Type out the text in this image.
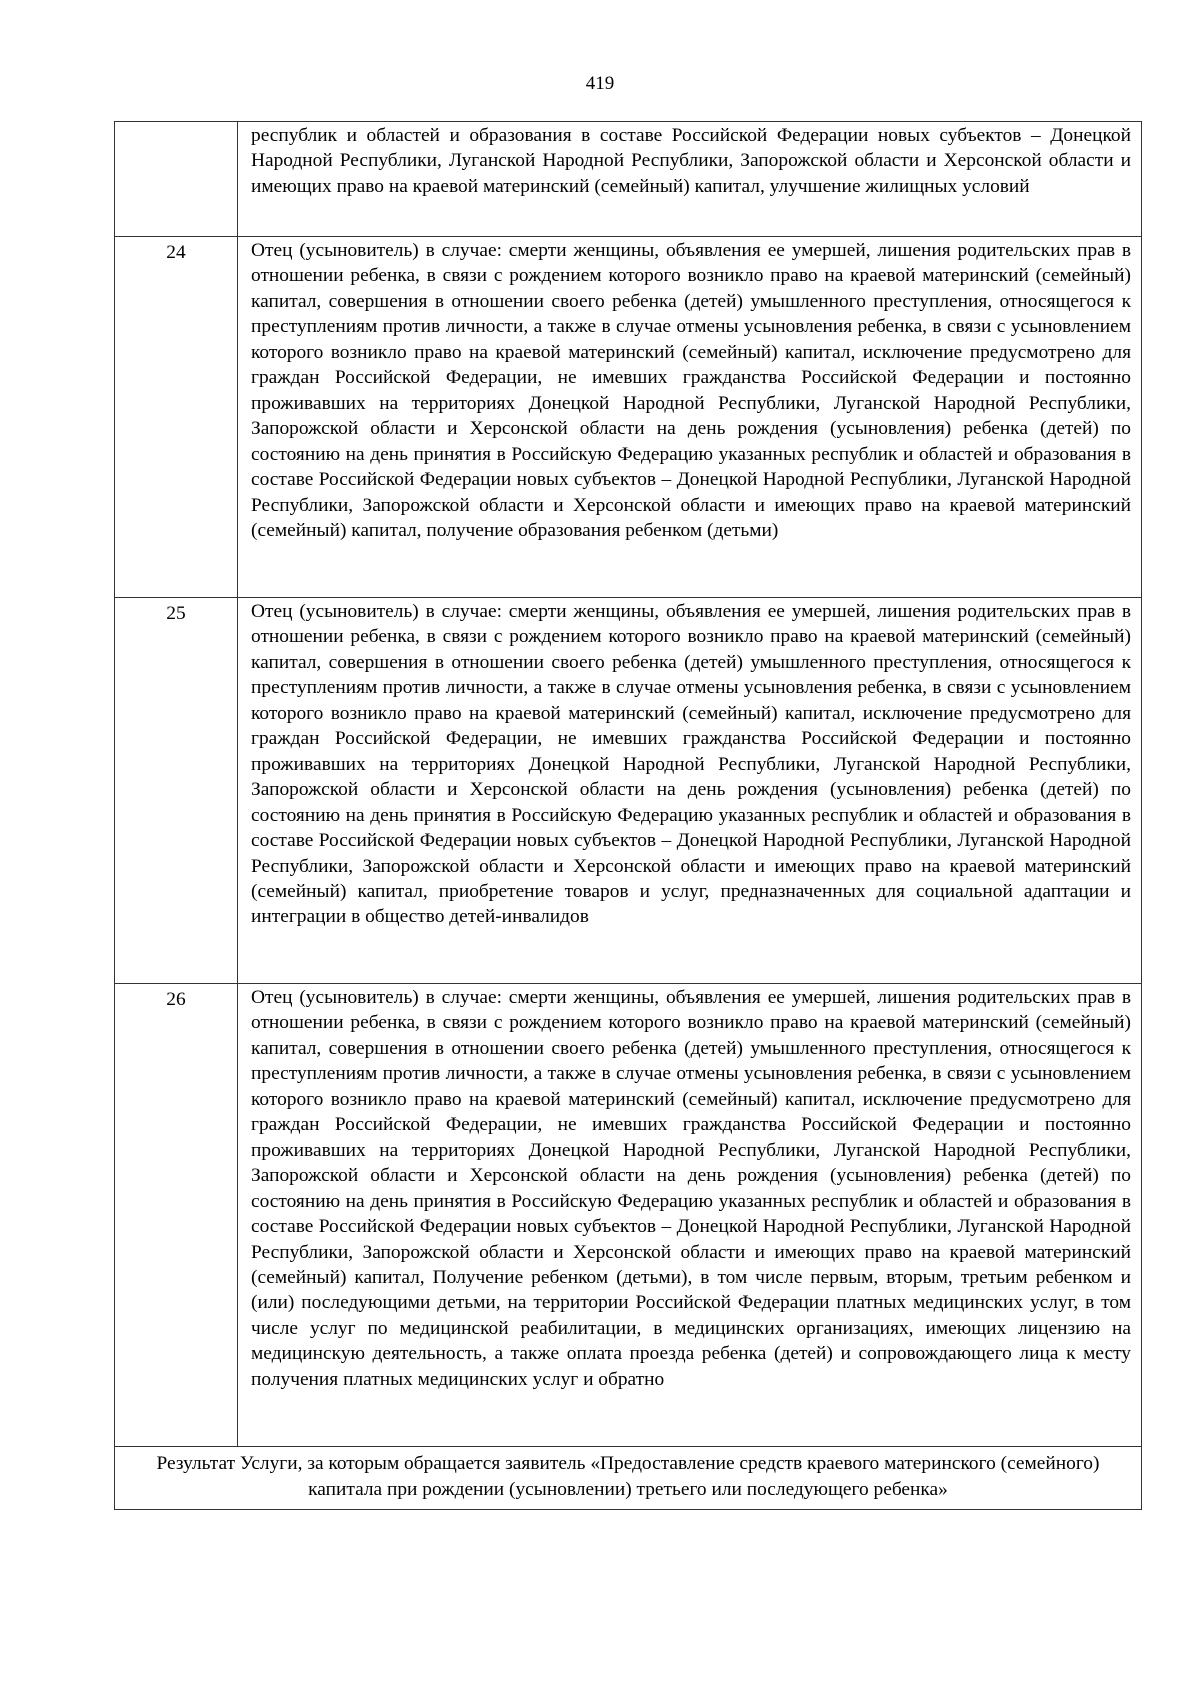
419
	республик и областей и образования в составе Российской Федерации новых субъектов – Донецкой Народной Республики, Луганской Народной Республики, Запорожской области и Херсонской области и имеющих право на краевой материнский (семейный) капитал, улучшение жилищных условий
24	Отец (усыновитель) в случае: смерти женщины, объявления ее умершей, лишения родительских прав в отношении ребенка, в связи с рождением которого возникло право на краевой материнский (семейный) капитал, совершения в отношении своего ребенка (детей) умышленного преступления, относящегося к преступлениям против личности, а также в случае отмены усыновления ребенка, в связи с усыновлением которого возникло право на краевой материнский (семейный) капитал, исключение предусмотрено для граждан Российской Федерации, не имевших гражданства Российской Федерации и постоянно проживавших на территориях Донецкой Народной Республики, Луганской Народной Республики, Запорожской области и Херсонской области на день рождения (усыновления) ребенка (детей) по состоянию на день принятия в Российскую Федерацию указанных республик и областей и образования в составе Российской Федерации новых субъектов – Донецкой Народной Республики, Луганской Народной Республики, Запорожской области и Херсонской области и имеющих право на краевой материнский (семейный) капитал, получение образования ребенком (детьми)
25	Отец (усыновитель) в случае: смерти женщины, объявления ее умершей, лишения родительских прав в отношении ребенка, в связи с рождением которого возникло право на краевой материнский (семейный) капитал, совершения в отношении своего ребенка (детей) умышленного преступления, относящегося к преступлениям против личности, а также в случае отмены усыновления ребенка, в связи с усыновлением которого возникло право на краевой материнский (семейный) капитал, исключение предусмотрено для граждан Российской Федерации, не имевших гражданства Российской Федерации и постоянно проживавших на территориях Донецкой Народной Республики, Луганской Народной Республики, Запорожской области и Херсонской области на день рождения (усыновления) ребенка (детей) по состоянию на день принятия в Российскую Федерацию указанных республик и областей и образования в составе Российской Федерации новых субъектов – Донецкой Народной Республики, Луганской Народной Республики, Запорожской области и Херсонской области и имеющих право на краевой материнский (семейный) капитал, приобретение товаров и услуг, предназначенных для социальной адаптации и интеграции в общество детей-инвалидов
26	Отец (усыновитель) в случае: смерти женщины, объявления ее умершей, лишения родительских прав в отношении ребенка, в связи с рождением которого возникло право на краевой материнский (семейный) капитал, совершения в отношении своего ребенка (детей) умышленного преступления, относящегося к преступлениям против личности, а также в случае отмены усыновления ребенка, в связи с усыновлением которого возникло право на краевой материнский (семейный) капитал, исключение предусмотрено для граждан Российской Федерации, не имевших гражданства Российской Федерации и постоянно проживавших на территориях Донецкой Народной Республики, Луганской Народной Республики, Запорожской области и Херсонской области на день рождения (усыновления) ребенка (детей) по состоянию на день принятия в Российскую Федерацию указанных республик и областей и образования в составе Российской Федерации новых субъектов – Донецкой Народной Республики, Луганской Народной Республики, Запорожской области и Херсонской области и имеющих право на краевой материнский (семейный) капитал, Получение ребенком (детьми), в том числе первым, вторым, третьим ребенком и (или) последующими детьми, на территории Российской Федерации платных медицинских услуг, в том числе услуг по медицинской реабилитации, в медицинских организациях, имеющих лицензию на медицинскую деятельность, а также оплата проезда ребенка (детей) и сопровождающего лица к месту получения платных медицинских услуг и обратно
Результат Услуги, за которым обращается заявитель «Предоставление средств краевого материнского (семейного) капитала при рождении (усыновлении) третьего или последующего ребенка»	
